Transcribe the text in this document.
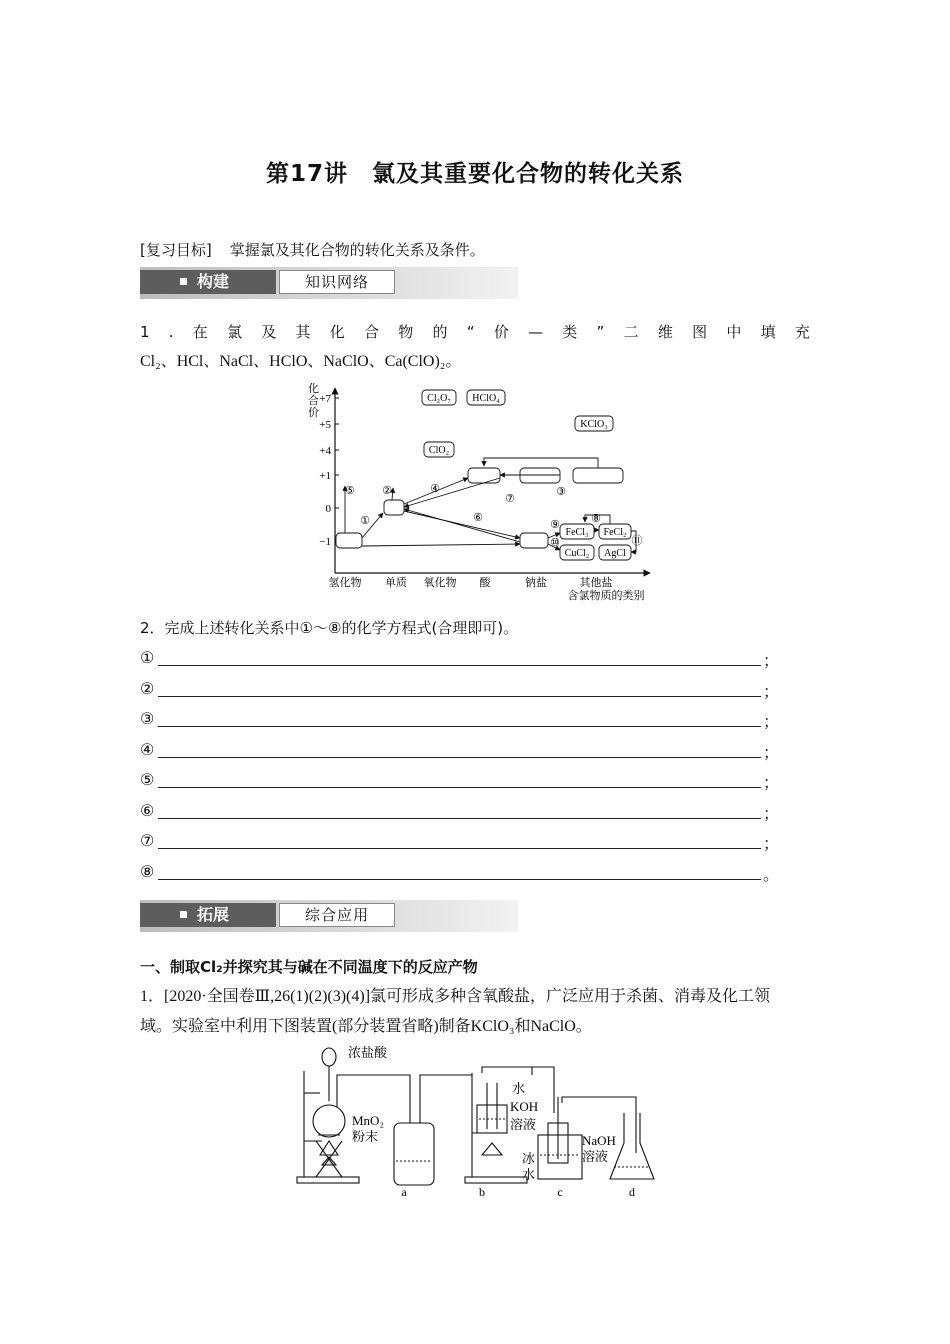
第17讲　氯及其重要化合物的转化关系
[复习目标] 掌握氯及其化合物的转化关系及条件。
构建	知识网络
1 . 在 氯 及 其 化 合 物 的 “ 价 — 类 ” 二 维 图 中 填 充
Cl₂、HCl、NaCl、HClO、NaClO、Ca(ClO)₂。
化
合
价
+7
+5
+4
+1
0
−1
氢化物 单质 氧化物 酸	钠盐	其他盐
含氯物质的类别
Cl₂O₇ HClO₄
KClO₃
ClO₂
FeCl₃ FeCl₂
CuCl₂ AgCl
⑤
①
②	④
⑦
③
⑥
⑨	⑧
⑩	⑪
2．完成上述转化关系中①～⑧的化学方程式(合理即可)。
①	；
②	；
③	；
④	；
⑤	；
⑥	；
⑦	；
⑧	。
拓展	综合应用
一、制取Cl₂并探究其与碱在不同温度下的反应产物
1．[2020·全国卷Ⅲ,26(1)(2)(3)(4)]氯可形成多种含氧酸盐，广泛应用于杀菌、消毒及化工领
域。实验室中利用下图装置(部分装置省略)制备KClO₃和NaClO。
浓盐酸
MnO₂
粉末
水
KOH
溶液
冰
水
NaOH
溶液
a	b	c	d
